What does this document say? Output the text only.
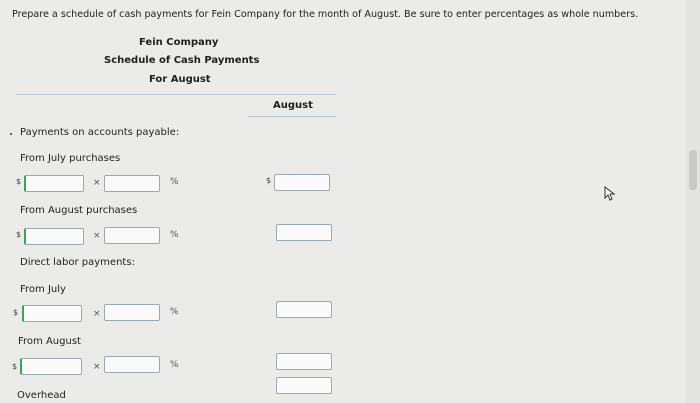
Prepare a schedule of cash payments for Fein Company for the month of August. Be sure to enter percentages as whole numbers.
Fein Company
Schedule of Cash Payments
For August
August
Payments on accounts payable:
From July purchases
$	×	%	$
From August purchases
$	×	%
Direct labor payments:
From July
$	×	%
From August
$	×	%
Overhead
